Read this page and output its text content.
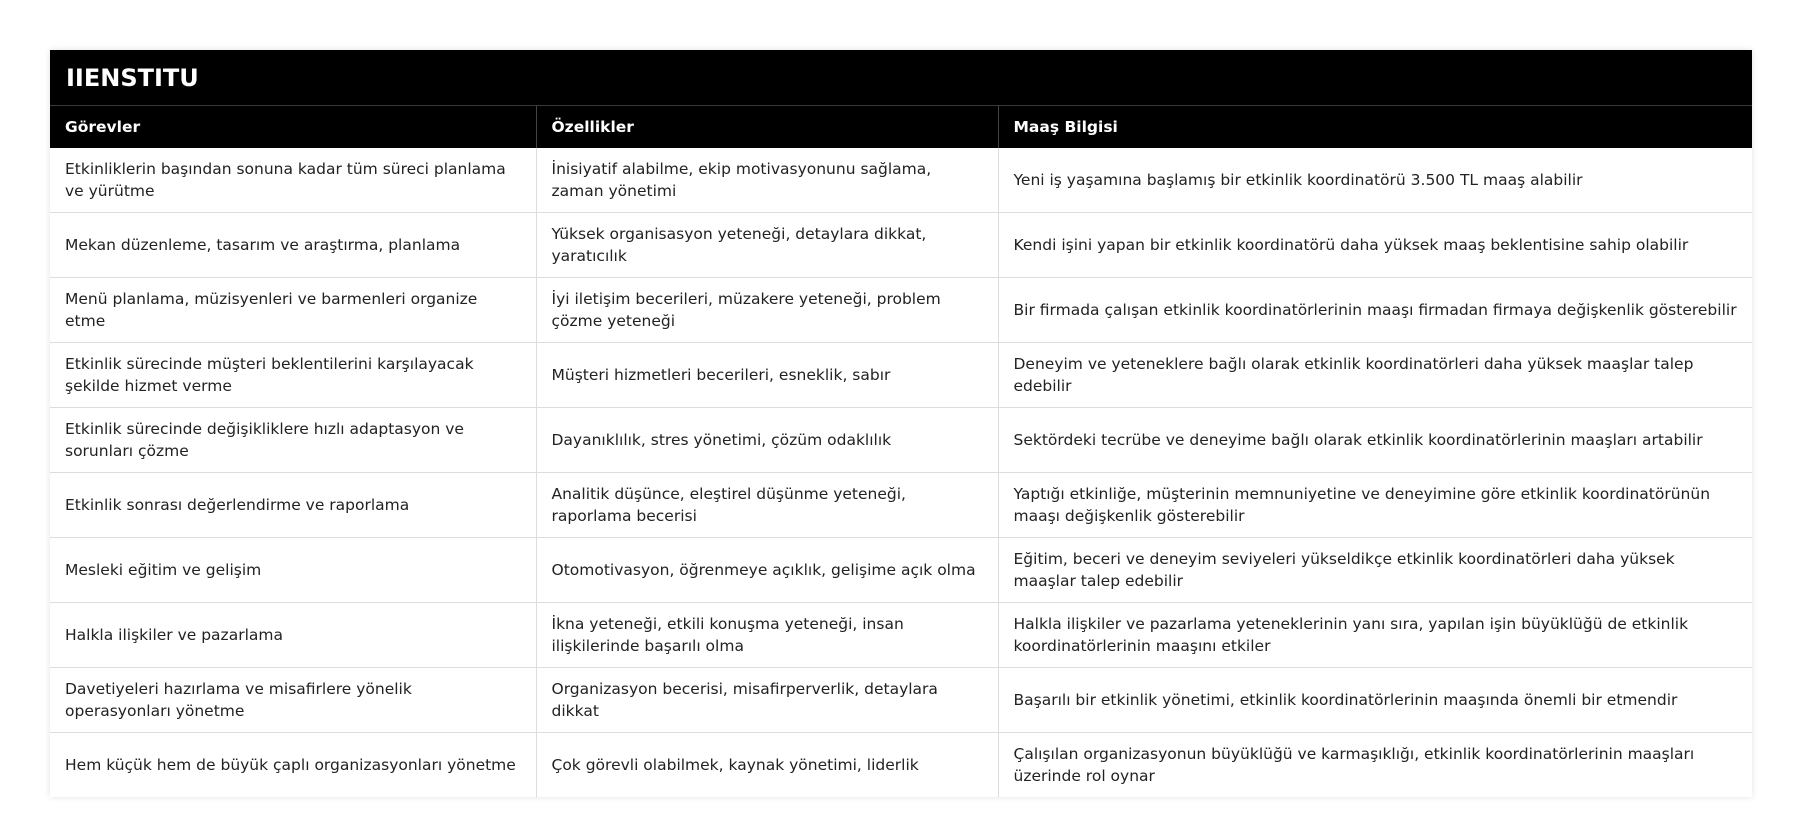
IIENSTITU
Görevler	Özellikler	Maaş Bilgisi
Etkinliklerin başından sonuna kadar tüm süreci planlama ve yürütme	İnisiyatif alabilme, ekip motivasyonunu sağlama, zaman yönetimi	Yeni iş yaşamına başlamış bir etkinlik koordinatörü 3.500 TL maaş alabilir
Mekan düzenleme, tasarım ve araştırma, planlama	Yüksek organisasyon yeteneği, detaylara dikkat, yaratıcılık	Kendi işini yapan bir etkinlik koordinatörü daha yüksek maaş beklentisine sahip olabilir
Menü planlama, müzisyenleri ve barmenleri organize etme	İyi iletişim becerileri, müzakere yeteneği, problem çözme yeteneği	Bir firmada çalışan etkinlik koordinatörlerinin maaşı firmadan firmaya değişkenlik gösterebilir
Etkinlik sürecinde müşteri beklentilerini karşılayacak şekilde hizmet verme	Müşteri hizmetleri becerileri, esneklik, sabır	Deneyim ve yeteneklere bağlı olarak etkinlik koordinatörleri daha yüksek maaşlar talep edebilir
Etkinlik sürecinde değişikliklere hızlı adaptasyon ve sorunları çözme	Dayanıklılık, stres yönetimi, çözüm odaklılık	Sektördeki tecrübe ve deneyime bağlı olarak etkinlik koordinatörlerinin maaşları artabilir
Etkinlik sonrası değerlendirme ve raporlama	Analitik düşünce, eleştirel düşünme yeteneği, raporlama becerisi	Yaptığı etkinliğe, müşterinin memnuniyetine ve deneyimine göre etkinlik koordinatörünün maaşı değişkenlik gösterebilir
Mesleki eğitim ve gelişim	Otomotivasyon, öğrenmeye açıklık, gelişime açık olma	Eğitim, beceri ve deneyim seviyeleri yükseldikçe etkinlik koordinatörleri daha yüksek maaşlar talep edebilir
Halkla ilişkiler ve pazarlama	İkna yeteneği, etkili konuşma yeteneği, insan ilişkilerinde başarılı olma	Halkla ilişkiler ve pazarlama yeteneklerinin yanı sıra, yapılan işin büyüklüğü de etkinlik koordinatörlerinin maaşını etkiler
Davetiyeleri hazırlama ve misafirlere yönelik operasyonları yönetme	Organizasyon becerisi, misafirperverlik, detaylara dikkat	Başarılı bir etkinlik yönetimi, etkinlik koordinatörlerinin maaşında önemli bir etmendir
Hem küçük hem de büyük çaplı organizasyonları yönetme	Çok görevli olabilmek, kaynak yönetimi, liderlik	Çalışılan organizasyonun büyüklüğü ve karmaşıklığı, etkinlik koordinatörlerinin maaşları üzerinde rol oynar
